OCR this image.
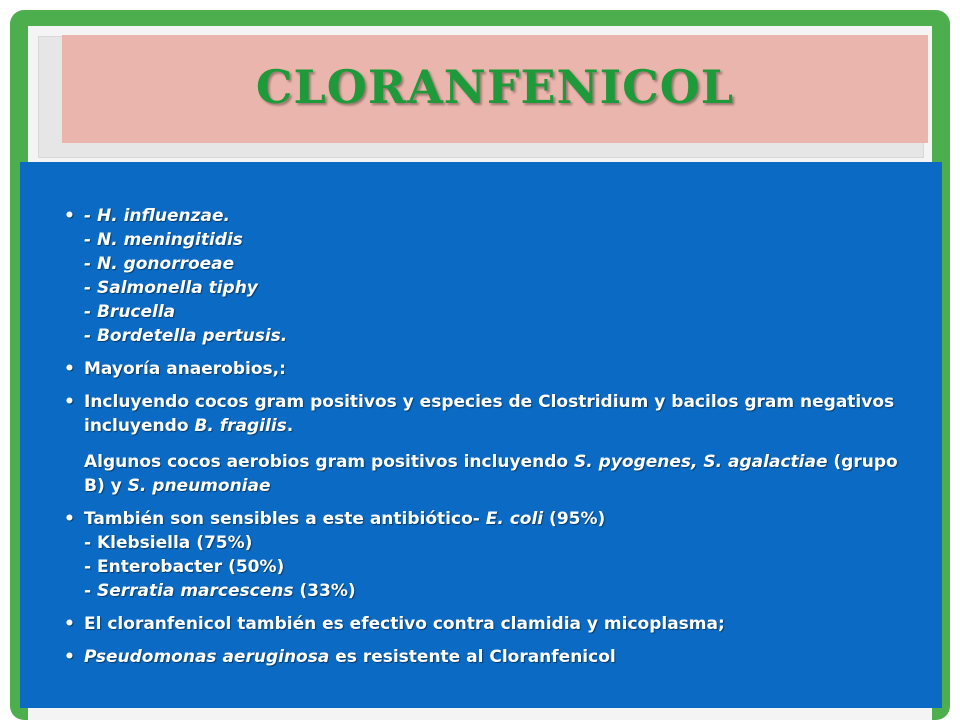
CLORANFENICOL
• - H. influenzae.
- N. meningitidis
- N. gonorroeae
- Salmonella tiphy
- Brucella
- Bordetella pertusis.
• Mayoría anaerobios,:
• Incluyendo cocos gram positivos y especies de Clostridium y bacilos gram negativos incluyendo B. fragilis.
Algunos cocos aerobios gram positivos incluyendo S. pyogenes, S. agalactiae (grupo B) y S. pneumoniae
• También son sensibles a este antibiótico- E. coli (95%)
- Klebsiella (75%)
- Enterobacter (50%)
- Serratia marcescens (33%)
• El cloranfenicol también es efectivo contra clamidia y micoplasma;
• Pseudomonas aeruginosa es resistente al Cloranfenicol
